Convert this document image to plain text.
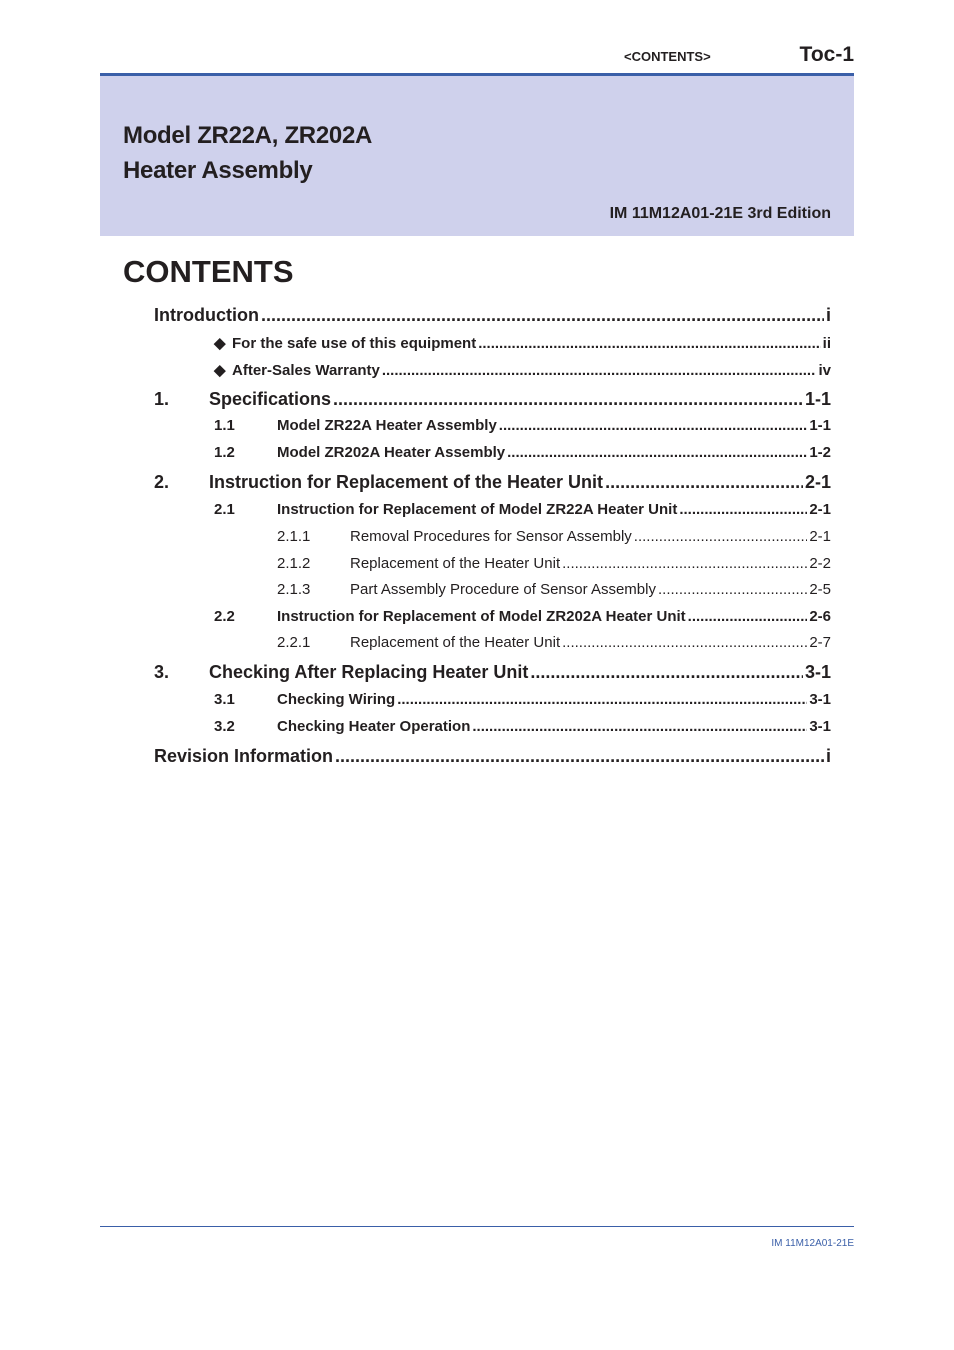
<CONTENTS>	Toc-1
Model ZR22A, ZR202A
Heater Assembly
IM 11M12A01-21E 3rd Edition
CONTENTS
Introduction .....	i
◆ For the safe use of this equipment .....	ii
◆ After-Sales Warranty .....	iv
1.	Specifications .....	1-1
1.1	Model ZR22A Heater Assembly .....	1-1
1.2	Model ZR202A Heater Assembly .....	1-2
2.	Instruction for Replacement of the Heater Unit .....	2-1
2.1	Instruction for Replacement of Model ZR22A Heater Unit .....	2-1
2.1.1	Removal Procedures for Sensor Assembly .....	2-1
2.1.2	Replacement of the Heater Unit .....	2-2
2.1.3	Part Assembly Procedure of Sensor Assembly .....	2-5
2.2	Instruction for Replacement of Model ZR202A Heater Unit .....	2-6
2.2.1	Replacement of the Heater Unit .....	2-7
3.	Checking After Replacing Heater Unit .....	3-1
3.1	Checking Wiring .....	3-1
3.2	Checking Heater Operation .....	3-1
Revision Information .....	i
IM 11M12A01-21E
